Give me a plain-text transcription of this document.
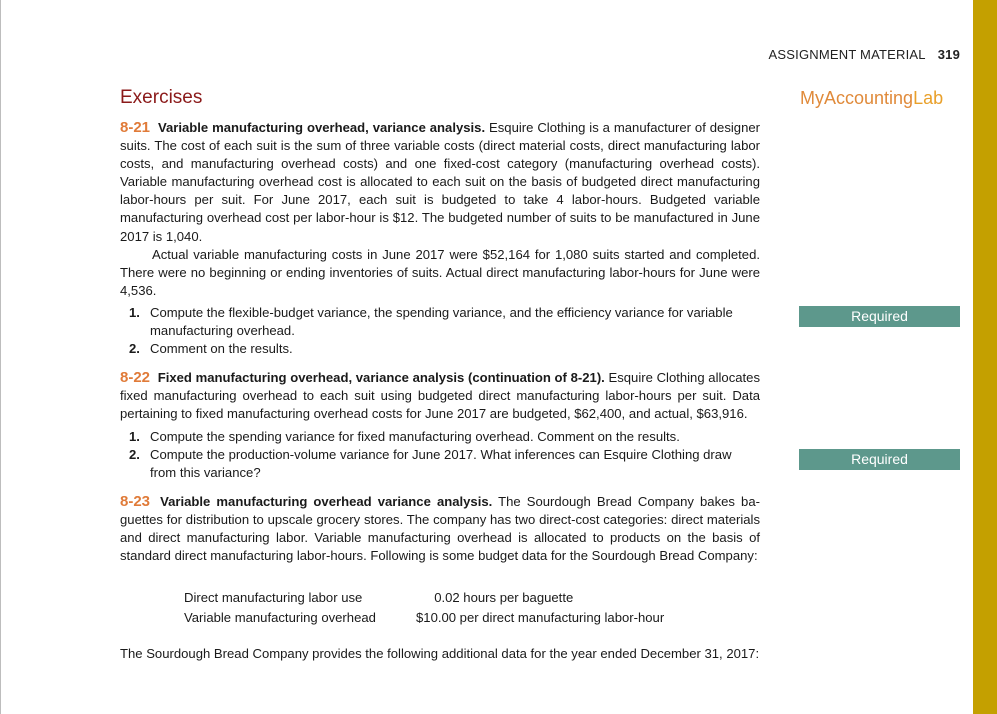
ASSIGNMENT MATERIAL 319
Exercises	MyAccountingLab

8-21 Variable manufacturing overhead, variance analysis. Esquire Clothing is a manufacturer of designer suits. The cost of each suit is the sum of three variable costs (direct material costs, direct manufacturing labor costs, and manufacturing overhead costs) and one fixed-cost category (manufacturing overhead costs). Variable manufacturing overhead cost is allocated to each suit on the basis of budgeted direct manufacturing labor-hours per suit. For June 2017, each suit is budgeted to take 4 labor-hours. Budgeted variable manufacturing overhead cost per labor-hour is $12. The budgeted number of suits to be manufactured in June 2017 is 1,040.

Actual variable manufacturing costs in June 2017 were $52,164 for 1,080 suits started and completed. There were no beginning or ending inventories of suits. Actual direct manufacturing labor-hours for June were 4,536.

1. Compute the flexible-budget variance, the spending variance, and the efficiency variance for variable manufacturing overhead.
2. Comment on the results.

8-22 Fixed manufacturing overhead, variance analysis (continuation of 8-21). Esquire Clothing allocates fixed manufacturing overhead to each suit using budgeted direct manufacturing labor-hours per suit. Data pertaining to fixed manufacturing overhead costs for June 2017 are budgeted, $62,400, and actual, $63,916.

1. Compute the spending variance for fixed manufacturing overhead. Comment on the results.
2. Compute the production-volume variance for June 2017. What inferences can Esquire Clothing draw from this variance?

8-23 Variable manufacturing overhead variance analysis. The Sourdough Bread Company bakes baguettes for distribution to upscale grocery stores. The company has two direct-cost categories: direct materials and direct manufacturing labor. Variable manufacturing overhead is allocated to products on the basis of standard direct manufacturing labor-hours. Following is some budget data for the Sourdough Bread Company:

Direct manufacturing labor use	0.02 hours per baguette
Variable manufacturing overhead	$10.00 per direct manufacturing labor-hour

The Sourdough Bread Company provides the following additional data for the year ended December 31, 2017:

Required
Required
